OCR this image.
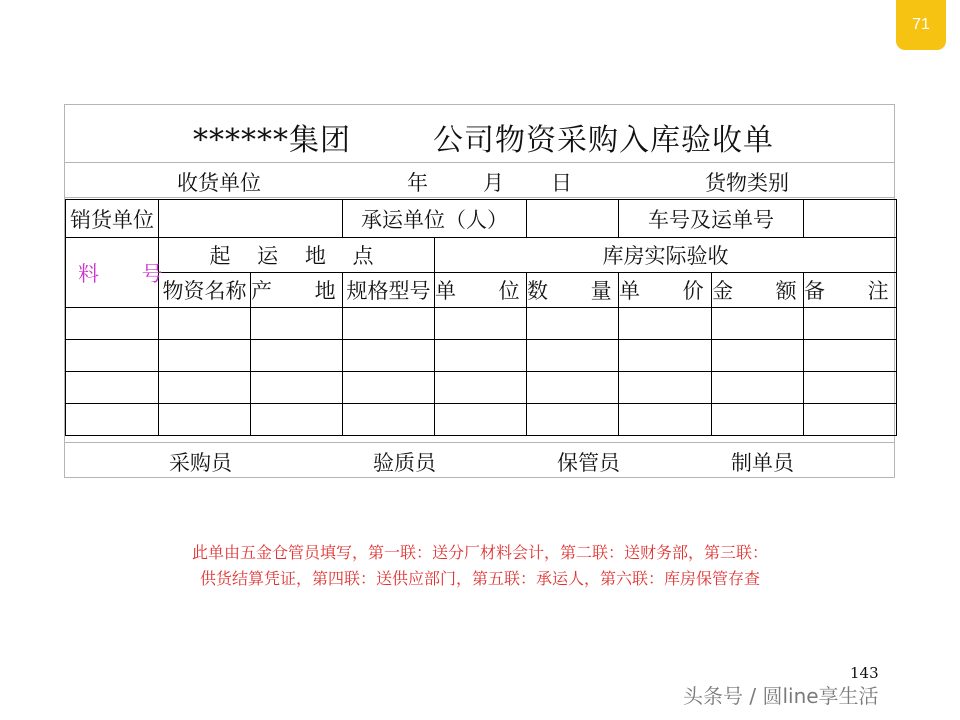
71
******集团	公司物资采购入库验收单
收货单位	年	月 日	货物类别
销货单位			承运单位（人）			车号及运单号		
料 号	起 运 地 点			库房实际验收				
	物资名称	产 地	规格型号	单 位	数 量	单 价	金 额	备 注

采购员	验质员	保管员	制单员
此单由五金仓管员填写，第一联：送分厂材料会计，第二联：送财务部，第三联：
供货结算凭证，第四联：送供应部门，第五联：承运人，第六联：库房保管存查
143
头条号 / 圆line享生活
